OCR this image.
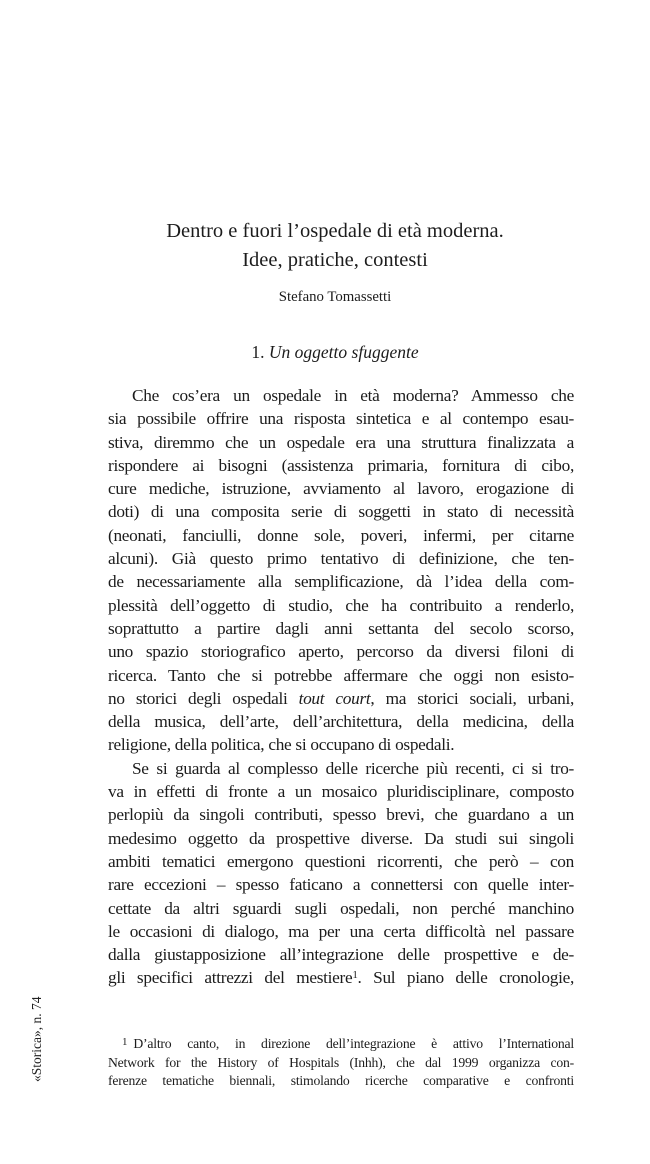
Dentro e fuori l’ospedale di età moderna.
Idee, pratiche, contesti
Stefano Tomassetti
1. Un oggetto sfuggente
Che cos’era un ospedale in età moderna? Ammesso che
sia possibile offrire una risposta sintetica e al contempo esau-
stiva, diremmo che un ospedale era una struttura finalizzata a
rispondere ai bisogni (assistenza primaria, fornitura di cibo,
cure mediche, istruzione, avviamento al lavoro, erogazione di
doti) di una composita serie di soggetti in stato di necessità
(neonati, fanciulli, donne sole, poveri, infermi, per citarne
alcuni). Già questo primo tentativo di definizione, che ten-
de necessariamente alla semplificazione, dà l’idea della com-
plessità dell’oggetto di studio, che ha contribuito a renderlo,
soprattutto a partire dagli anni settanta del secolo scorso,
uno spazio storiografico aperto, percorso da diversi filoni di
ricerca. Tanto che si potrebbe affermare che oggi non esisto-
no storici degli ospedali tout court, ma storici sociali, urbani,
della musica, dell’arte, dell’architettura, della medicina, della
religione, della politica, che si occupano di ospedali.
Se si guarda al complesso delle ricerche più recenti, ci si tro-
va in effetti di fronte a un mosaico pluridisciplinare, composto
perlopiù da singoli contributi, spesso brevi, che guardano a un
medesimo oggetto da prospettive diverse. Da studi sui singoli
ambiti tematici emergono questioni ricorrenti, che però – con
rare eccezioni – spesso faticano a connettersi con quelle inter-
cettate da altri sguardi sugli ospedali, non perché manchino
le occasioni di dialogo, ma per una certa difficoltà nel passare
dalla giustapposizione all’integrazione delle prospettive e de-
gli specifici attrezzi del mestiere$^1$. Sul piano delle cronologie,
$^1$ D’altro canto, in direzione dell’integrazione è attivo l’International
Network for the History of Hospitals (Inhh), che dal 1999 organizza con-
ferenze tematiche biennali, stimolando ricerche comparative e confronti
«Storica», n. 74
